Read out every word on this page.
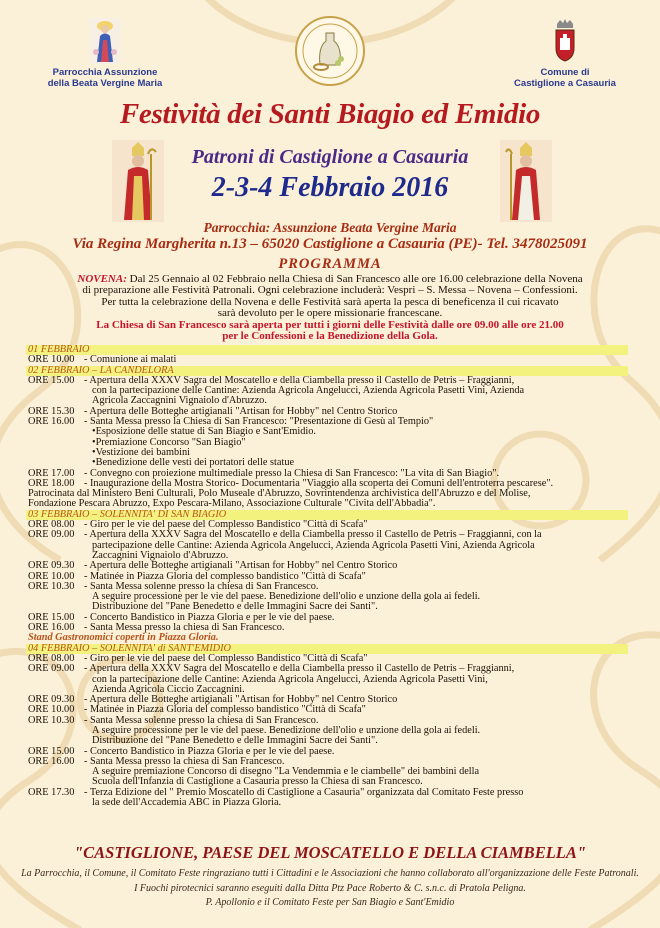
Parrocchia Assunzione
della Beata Vergine Maria
Comune di
Castiglione a Casauria
Festività dei Santi Biagio ed Emidio
Patroni di Castiglione a Casauria
2-3-4 Febbraio 2016
Parrocchia: Assunzione Beata Vergine Maria
Via Regina Margherita n.13 – 65020 Castiglione a Casauria (PE)- Tel. 3478025091
PROGRAMMA
NOVENA: Dal 25 Gennaio al 02 Febbraio nella Chiesa di San Francesco alle ore 16.00 celebrazione della Novena
di preparazione alle Festività Patronali. Ogni celebrazione includerà: Vespri – S. Messa – Novena – Confessioni.
Per tutta la celebrazione della Novena e delle Festività sarà aperta la pesca di beneficenza il cui ricavato
sarà devoluto per le opere missionarie francescane.
La Chiesa di San Francesco sarà aperta per tutti i giorni delle Festività dalle ore 09.00 alle ore 21.00
per le Confessioni e la Benedizione della Gola.
01 FEBBRAIO
ORE 10.00 - Comunione ai malati
02 FEBBRAIO – LA CANDELORA
ORE 15.00 - Apertura della XXXV Sagra del Moscatello e della Ciambella presso il Castello de Petris – Fraggianni,
con la partecipazione delle Cantine: Azienda Agricola Angelucci, Azienda Agricola Pasetti Vini, Azienda
Agricola Zaccagnini Vignaiolo d'Abruzzo.
ORE 15.30 - Apertura delle Botteghe artigianali "Artisan for Hobby" nel Centro Storico
ORE 16.00 - Santa Messa presso la Chiesa di San Francesco: "Presentazione di Gesù al Tempio"
• Esposizione delle statue di San Biagio e Sant'Emidio.
• Premiazione Concorso "San Biagio"
• Vestizione dei bambini
• Benedizione delle vesti dei portatori delle statue
ORE 17.00 - Convegno con proiezione multimediale presso la Chiesa di San Francesco: "La vita di San Biagio".
ORE 18.00 - Inaugurazione della Mostra Storico- Documentaria "Viaggio alla scoperta dei Comuni dell'entroterra pescarese".
Patrocinata dal Ministero Beni Culturali, Polo Museale d'Abruzzo, Sovrintendenza archivistica dell'Abruzzo e del Molise,
Fondazione Pescara Abruzzo, Expo Pescara-Milano, Associazione Culturale "Civita dell'Abbadia".
03 FEBBRAIO – SOLENNITA' DI SAN BIAGIO
ORE 08.00 - Giro per le vie del paese del Complesso Bandistico "Città di Scafa"
ORE 09.00 - Apertura della XXXV Sagra del Moscatello e della Ciambella presso il Castello de Petris – Fraggianni, con la
partecipazione delle Cantine: Azienda Agricola Angelucci, Azienda Agricola Pasetti Vini, Azienda Agricola
Zaccagnini Vignaiolo d'Abruzzo.
ORE 09.30 - Apertura delle Botteghe artigianali "Artisan for Hobby" nel Centro Storico
ORE 10.00 - Matinée in Piazza Gloria del complesso bandistico "Città di Scafa"
ORE 10.30 - Santa Messa solenne presso la chiesa di San Francesco.
A seguire processione per le vie del paese. Benedizione dell'olio e unzione della gola ai fedeli.
Distribuzione del "Pane Benedetto e delle Immagini Sacre dei Santi".
ORE 15.00 - Concerto Bandistico in Piazza Gloria e per le vie del paese.
ORE 16.00 - Santa Messa presso la chiesa di San Francesco.
Stand Gastronomici coperti in Piazza Gloria.
04 FEBBRAIO – SOLENNITA' di SANT'EMIDIO
ORE 08.00 - Giro per le vie del paese del Complesso Bandistico "Città di Scafa"
ORE 09.00 - Apertura della XXXV Sagra del Moscatello e della Ciambella presso il Castello de Petris – Fraggianni,
con la partecipazione delle Cantine: Azienda Agricola Angelucci, Azienda Agricola Pasetti Vini,
Azienda Agricola Ciccio Zaccagnini.
ORE 09.30 - Apertura delle Botteghe artigianali "Artisan for Hobby" nel Centro Storico
ORE 10.00 - Matinée in Piazza Gloria del complesso bandistico "Città di Scafa"
ORE 10.30 - Santa Messa solenne presso la chiesa di San Francesco.
A seguire processione per le vie del paese. Benedizione dell'olio e unzione della gola ai fedeli.
Distribuzione del "Pane Benedetto e delle Immagini Sacre dei Santi".
ORE 15.00 - Concerto Bandistico in Piazza Gloria e per le vie del paese.
ORE 16.00 - Santa Messa presso la chiesa di San Francesco.
A seguire premiazione Concorso di disegno "La Vendemmia e le ciambelle" dei bambini della
Scuola dell'Infanzia di Castiglione a Casauria presso la Chiesa di san Francesco.
ORE 17.30 - Terza Edizione del " Premio Moscatello di Castiglione a Casauria" organizzata dal Comitato Feste presso
la sede dell'Accademia ABC in Piazza Gloria.
"CASTIGLIONE, PAESE DEL MOSCATELLO E DELLA CIAMBELLA"
La Parrocchia, il Comune, il Comitato Feste ringraziano tutti i Cittadini e le Associazioni che hanno collaborato all'organizzazione delle Feste Patronali.
I Fuochi pirotecnici saranno eseguiti dalla Ditta Ptz Pace Roberto & C. s.n.c. di Pratola Peligna.
P. Apollonio e il Comitato Feste per San Biagio e Sant'Emidio
